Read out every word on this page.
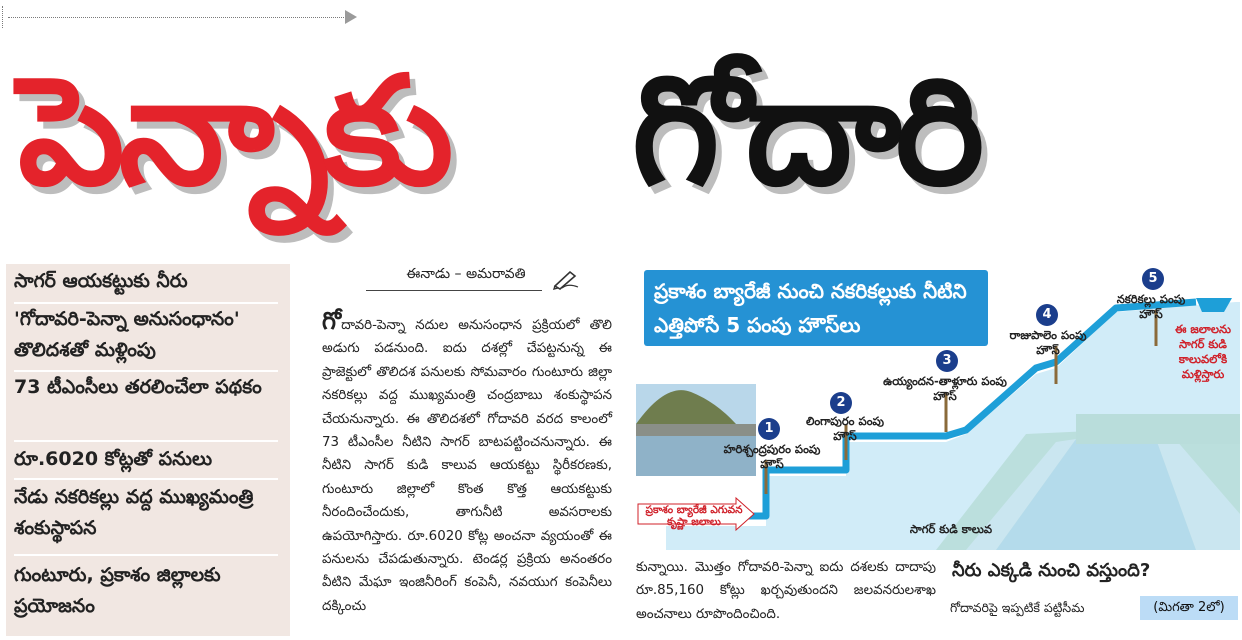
పెన్నాకు గోదారి
సాగర్ ఆయకట్టుకు నీరు
'గోదావరి-పెన్నా అనుసంధానం' తొలిదశతో మళ్లింపు
73 టీఎంసీలు తరలించేలా పథకం
రూ.6020 కోట్లతో పనులు
నేడు నకరికల్లు వద్ద ముఖ్యమంత్రి శంకుస్థాపన
గుంటూరు, ప్రకాశం జిల్లాలకు ప్రయోజనం
ఈనాడు – అమరావతి
గోదావరి-పెన్నా నదుల అనుసంధాన ప్రక్రియలో తొలి అడుగు పడనుంది. ఐదు దశల్లో చేపట్టనున్న ఈ ప్రాజెక్టులో తొలిదశ పనులకు సోమవారం గుంటూరు జిల్లా నకరికల్లు వద్ద ముఖ్యమంత్రి చంద్రబాబు శంకుస్థాపన చేయనున్నారు. ఈ తొలిదశలో గోదావరి వరద కాలంలో 73 టీఎంసీల నీటిని సాగర్ బాటపట్టించనున్నారు. ఈ నీటిని సాగర్ కుడి కాలువ ఆయకట్టు స్థిరీకరణకు, గుంటూరు జిల్లాలో కొంత కొత్త ఆయకట్టుకు నీరందించేందుకు, తాగునీటి అవసరాలకు ఉపయోగిస్తారు. రూ.6020 కోట్ల అంచనా వ్యయంతో ఈ పనులను చేపడుతున్నారు. టెండర్ల ప్రక్రియ అనంతరం వీటిని మేఘా ఇంజినీరింగ్ కంపెనీ, నవయుగ కంపెనీలు దక్కించు
ప్రకాశం బ్యారేజీ నుంచి నకరికల్లుకు నీటిని ఎత్తిపోసే 5 పంపు హౌస్‌లు
ప్రకాశం బ్యారేజీ ఎగువన కృష్ణా జలాలు
1
హరిశ్చంద్రపురం పంపు హౌస్
2
లింగాపురం పంపు హౌస్
3
ఉయ్యందన-తాళ్లూరు పంపు హౌస్
4
రాజుపాలెం పంపు హౌస్
5
నకరికల్లు పంపు హౌస్
ఈ జలాలను సాగర్ కుడి కాలువలోకి మళ్లిస్తారు
సాగర్ కుడి కాలువ
కున్నాయి. మొత్తం గోదావరి-పెన్నా ఐదు దశలకు దాదాపు రూ.85,160 కోట్లు ఖర్చవుతుందని జలవనరులశాఖ అంచనాలు రూపొందించింది.
నీరు ఎక్కడి నుంచి వస్తుంది?
గోదావరిపై ఇప్పటికే పట్టిసీమ	(మిగతా 2లో)
